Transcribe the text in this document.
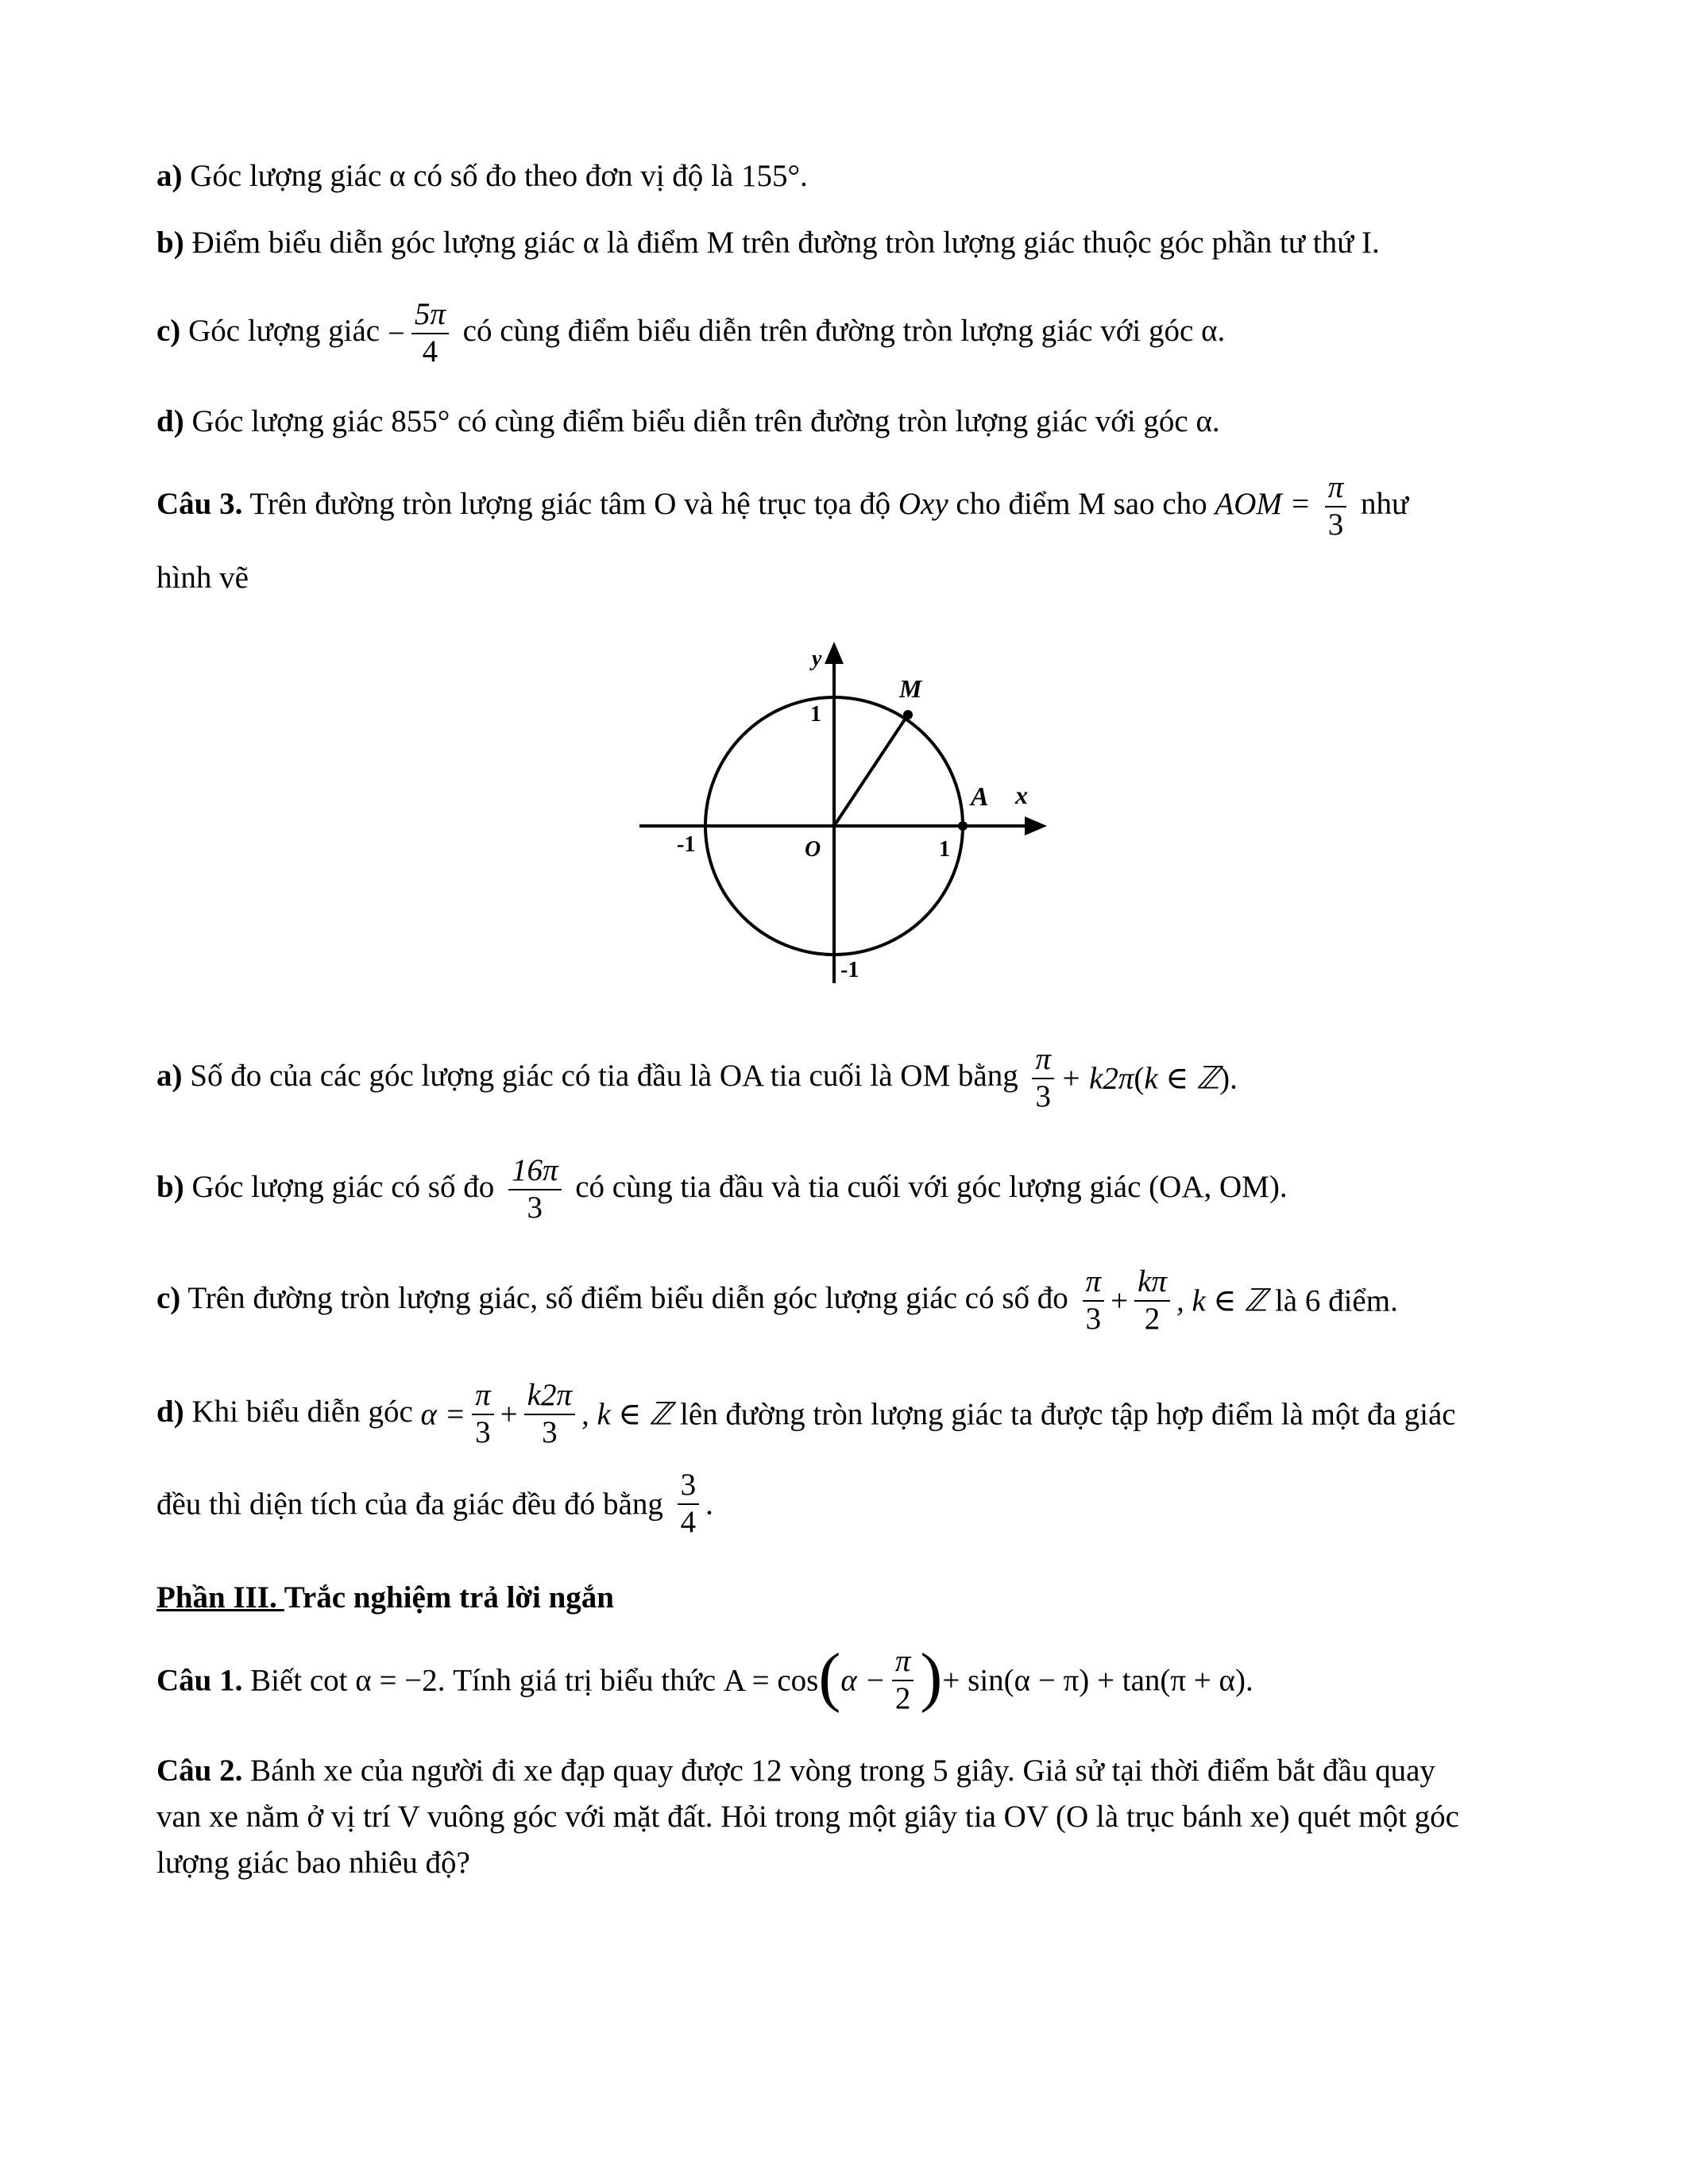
a) Góc lượng giác α có số đo theo đơn vị độ là 155°.
b) Điểm biểu diễn góc lượng giác α là điểm M trên đường tròn lượng giác thuộc góc phần tư thứ I.
c) Góc lượng giác − $\frac{5\pi}{4}$ có cùng điểm biểu diễn trên đường tròn lượng giác với góc α.
d) Góc lượng giác 855° có cùng điểm biểu diễn trên đường tròn lượng giác với góc α.
Câu 3. Trên đường tròn lượng giác tâm O và hệ trục tọa độ Oxy cho điểm M sao cho AOM = $\frac{\pi}{3}$ như
hình vẽ
y
x
M
A
O
1
1
-1
-1
a) Số đo của các góc lượng giác có tia đầu là OA tia cuối là OM bằng $\frac{\pi}{3} + k2\pi(k$ ∈ ℤ).
b) Góc lượng giác có số đo $\frac{16\pi}{3}$ có cùng tia đầu và tia cuối với góc lượng giác (OA, OM).
c) Trên đường tròn lượng giác, số điểm biểu diễn góc lượng giác có số đo $\frac{\pi}{3} + \frac{k\pi}{2}$ , k ∈ ℤ là 6 điểm.
d) Khi biểu diễn góc $\alpha = \frac{\pi}{3} + \frac{k2\pi}{3}$ , k ∈ ℤ lên đường tròn lượng giác ta được tập hợp điểm là một đa giác
đều thì diện tích của đa giác đều đó bằng $\frac{3}{4}$ .
Phần III. Trắc nghiệm trả lời ngắn
Câu 1. Biết cot α = −2. Tính giá trị biểu thức $A = \cos(\alpha - \frac{\pi}{2}$ )+ sin(α − π) + tan(π + α).
Câu 2. Bánh xe của người đi xe đạp quay được 12 vòng trong 5 giây. Giả sử tại thời điểm bắt đầu quay
van xe nằm ở vị trí V vuông góc với mặt đất. Hỏi trong một giây tia OV (O là trục bánh xe) quét một góc
lượng giác bao nhiêu độ?
